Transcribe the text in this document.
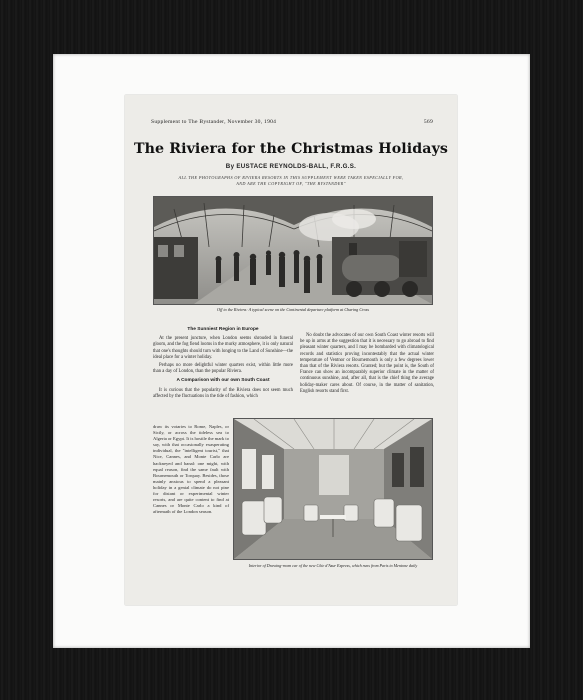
Supplement to The Bystander, November 30, 1904	569
The Riviera for the Christmas Holidays
By EUSTACE REYNOLDS-BALL, F.R.G.S.
ALL THE PHOTOGRAPHS OF RIVIERA RESORTS IN THIS SUPPLEMENT WERE TAKEN ESPECIALLY FOR, AND ARE THE COPYRIGHT OF, "THE BYSTANDER"
Off to the Riviera: A typical scene on the Continental departure platform at Charing Cross
The Sunniest Region in Europe

At the present juncture, when London seems shrouded in funeral gloom, and the fog fiend looms in the murky atmosphere, it is only natural that one's thoughts should turn with longing to the Land of Sunshine—the ideal place for a winter holiday.

Perhaps no more delightful winter quarters exist, within little more than a day of London, than the popular Riviera.

A Comparison with our own South Coast

It is curious that the popularity of the Riviera does not seem much affected by the fluctuations in the tide of fashion, which

No doubt the advocates of our own South Coast winter resorts will be up in arms at the suggestion that it is necessary to go abroad to find pleasant winter quarters, and I may be bombarded with climatological records and statistics proving incontestably that the actual winter temperature of Ventnor or Bournemouth is only a few degrees lower than that of the Riviera resorts. Granted; but the point is, the South of France can show an incomparably superior climate in the matter of continuous sunshine, and, after all, that is the chief thing the average holiday-maker cares about. Of course, in the matter of sanitation, English resorts stand first.

draw its votaries to Rome, Naples, or Sicily, or across the tideless sea to Algeria or Egypt. It is hostile the mark to say, with that occasionally exasperating individual, the "intelligent tourist," that Nice, Cannes, and Monte Carlo are hackneyed and banal: one might, with equal reason, find the same fault with Bournemouth or Torquay. Besides, those mainly anxious to spend a pleasant holiday in a genial climate do not pine for distant or experimental winter resorts, and are quite content to find at Cannes or Monte Carlo a kind of aftermath of the London season.

Interior of Drawing-room car of the new Côte d'Azur Express, which runs from Paris to Mentone daily
